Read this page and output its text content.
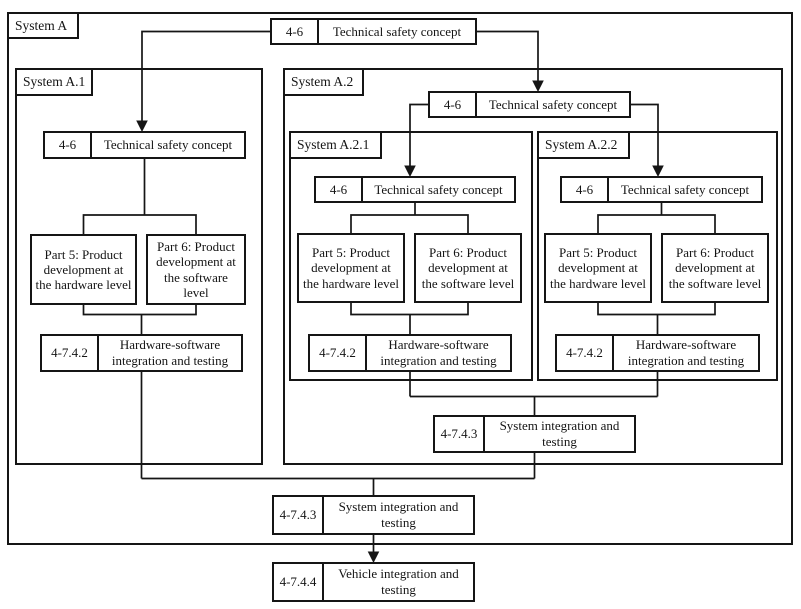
System A
System A.1	System A.2
System A.2.1	System A.2.2
4-6	Technical safety concept
4-6	Technical safety concept
Part 5: Product development at the hardware level
Part 6: Product development at the software level
4-7.4.2
Hardware-software integration and testing
4-6	Technical safety concept
4-6	Technical safety concept
Part 5: Product development at the hardware level
Part 6: Product development at the software level
4-7.4.2
Hardware-software integration and testing
4-6	Technical safety concept
Part 5: Product development at the hardware level
Part 6: Product development at the software level
4-7.4.2
Hardware-software integration and testing
4-7.4.3
System integration and testing
4-7.4.3
System integration and testing
4-7.4.4
Vehicle integration and testing
